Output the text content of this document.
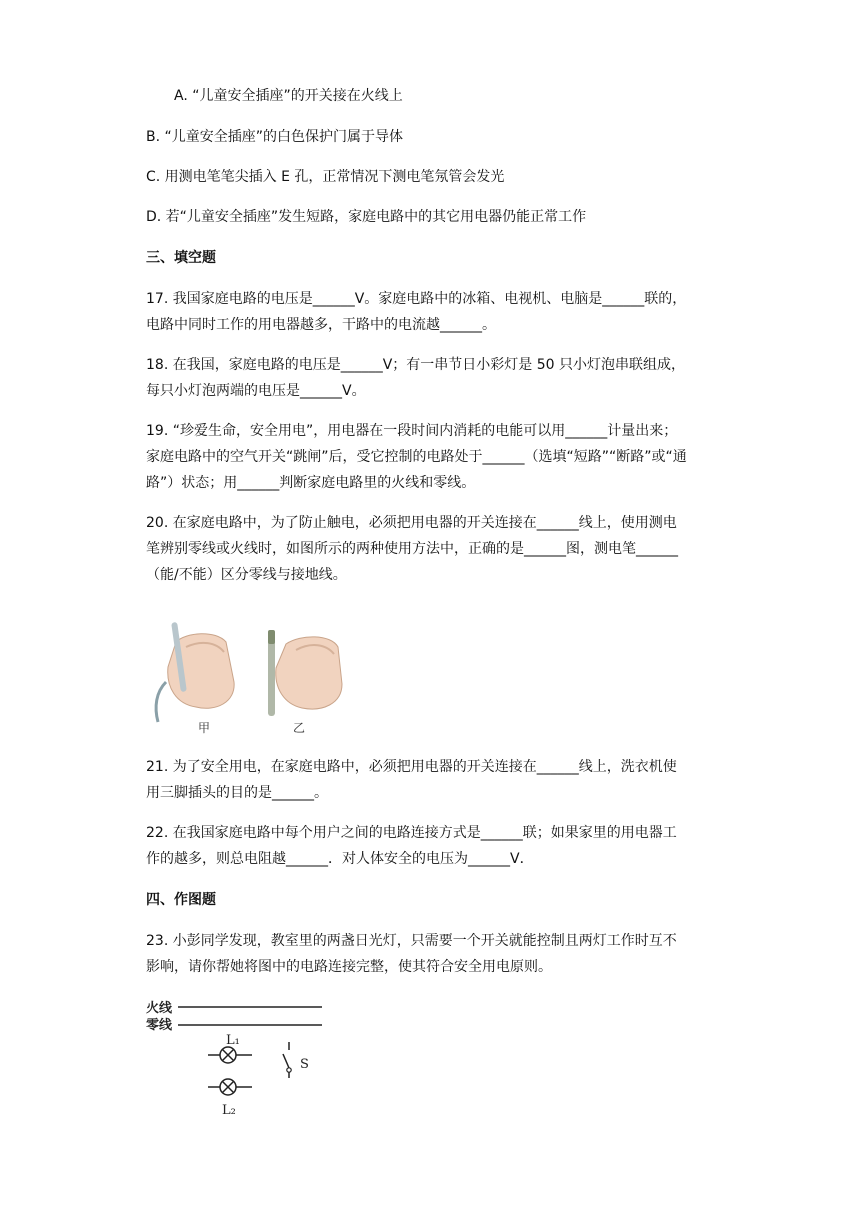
A. “儿童安全插座”的开关接在火线上
B. “儿童安全插座”的白色保护门属于导体
C. 用测电笔笔尖插入 E 孔，正常情况下测电笔氖管会发光
D. 若“儿童安全插座”发生短路，家庭电路中的其它用电器仍能正常工作
三、填空题
17. 我国家庭电路的电压是______V。家庭电路中的冰箱、电视机、电脑是______联的，
电路中同时工作的用电器越多，干路中的电流越______。
18. 在我国，家庭电路的电压是______V；有一串节日小彩灯是 50 只小灯泡串联组成，
每只小灯泡两端的电压是______V。
19. “珍爱生命，安全用电”，用电器在一段时间内消耗的电能可以用______计量出来；
家庭电路中的空气开关“跳闸”后，受它控制的电路处于______（选填“短路”“断路”或“通
路”）状态；用______判断家庭电路里的火线和零线。
20. 在家庭电路中，为了防止触电，必须把用电器的开关连接在______线上，使用测电
笔辨别零线或火线时，如图所示的两种使用方法中，正确的是______图，测电笔______
（能/不能）区分零线与接地线。
甲	乙
21. 为了安全用电，在家庭电路中，必须把用电器的开关连接在______线上，洗衣机使
用三脚插头的目的是______。
22. 在我国家庭电路中每个用户之间的电路连接方式是______联；如果家里的用电器工
作的越多，则总电阻越______．对人体安全的电压为______V．
四、作图题
23. 小彭同学发现，教室里的两盏日光灯，只需要一个开关就能控制且两灯工作时互不
影响，请你帮她将图中的电路连接完整，使其符合安全用电原则。
火线
零线
L₁
S
L₂
